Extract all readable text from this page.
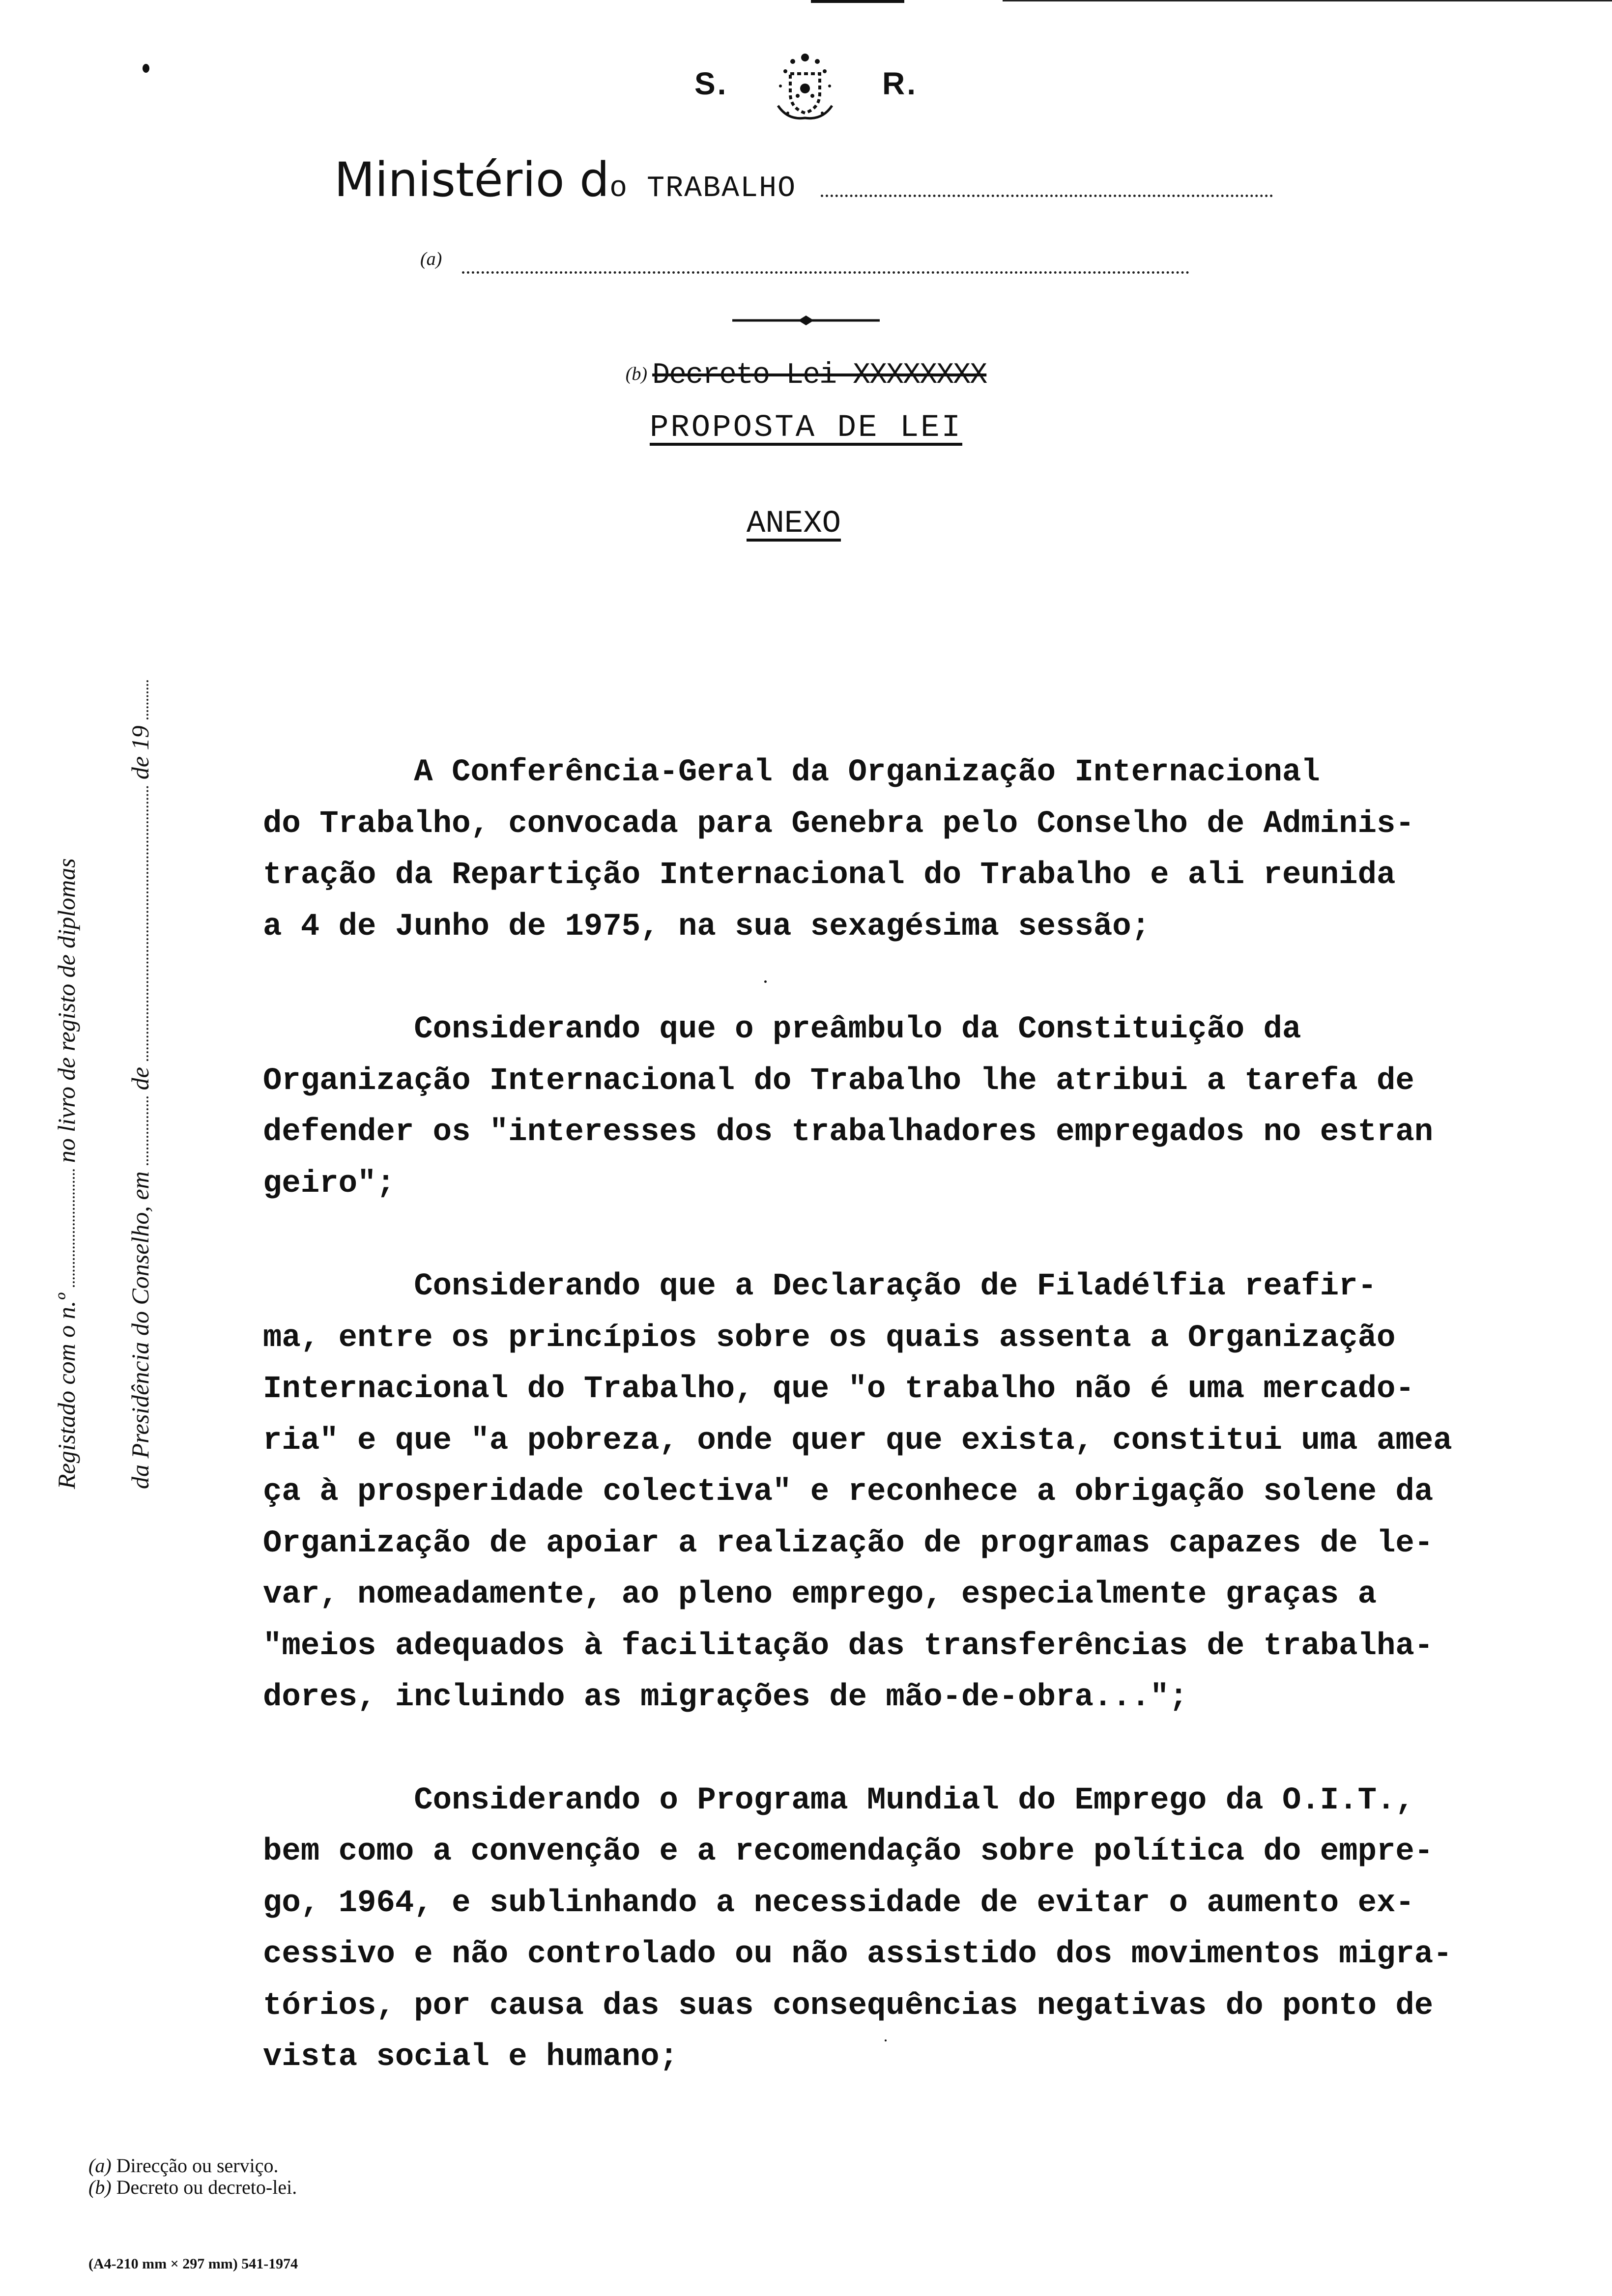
S.	R.
Ministério do TRABALHO
(a)
(b) Decreto-Lei XXXXXXXX
PROPOSTA DE LEI
ANEXO
Registado com o n.º  no livro de registo de diplomas
da Presidência do Conselho, em  de  de 19	A Conferência-Geral da Organização Internacional
do Trabalho, convocada para Genebra pelo Conselho de Adminis-
tração da Repartição Internacional do Trabalho e ali reunida
a 4 de Junho de 1975, na sua sexagésima sessão;
Considerando que o preâmbulo da Constituição da
Organização Internacional do Trabalho lhe atribui a tarefa de
defender os "interesses dos trabalhadores empregados no estran
geiro";
Considerando que a Declaração de Filadélfia reafir-
ma, entre os princípios sobre os quais assenta a Organização
Internacional do Trabalho, que "o trabalho não é uma mercado-
ria" e que "a pobreza, onde quer que exista, constitui uma amea
ça à prosperidade colectiva" e reconhece a obrigação solene da
Organização de apoiar a realização de programas capazes de le-
var, nomeadamente, ao pleno emprego, especialmente graças a
"meios adequados à facilitação das transferências de trabalha-
dores, incluindo as migrações de mão-de-obra...";
Considerando o Programa Mundial do Emprego da O.I.T.,
bem como a convenção e a recomendação sobre política do empre-
go, 1964, e sublinhando a necessidade de evitar o aumento ex-
cessivo e não controlado ou não assistido dos movimentos migra-
tórios, por causa das suas consequências negativas do ponto de
vista social e humano;
(a) Direcção ou serviço.
(b) Decreto ou decreto-lei.
(A4-210 mm × 297 mm) 541-1974
